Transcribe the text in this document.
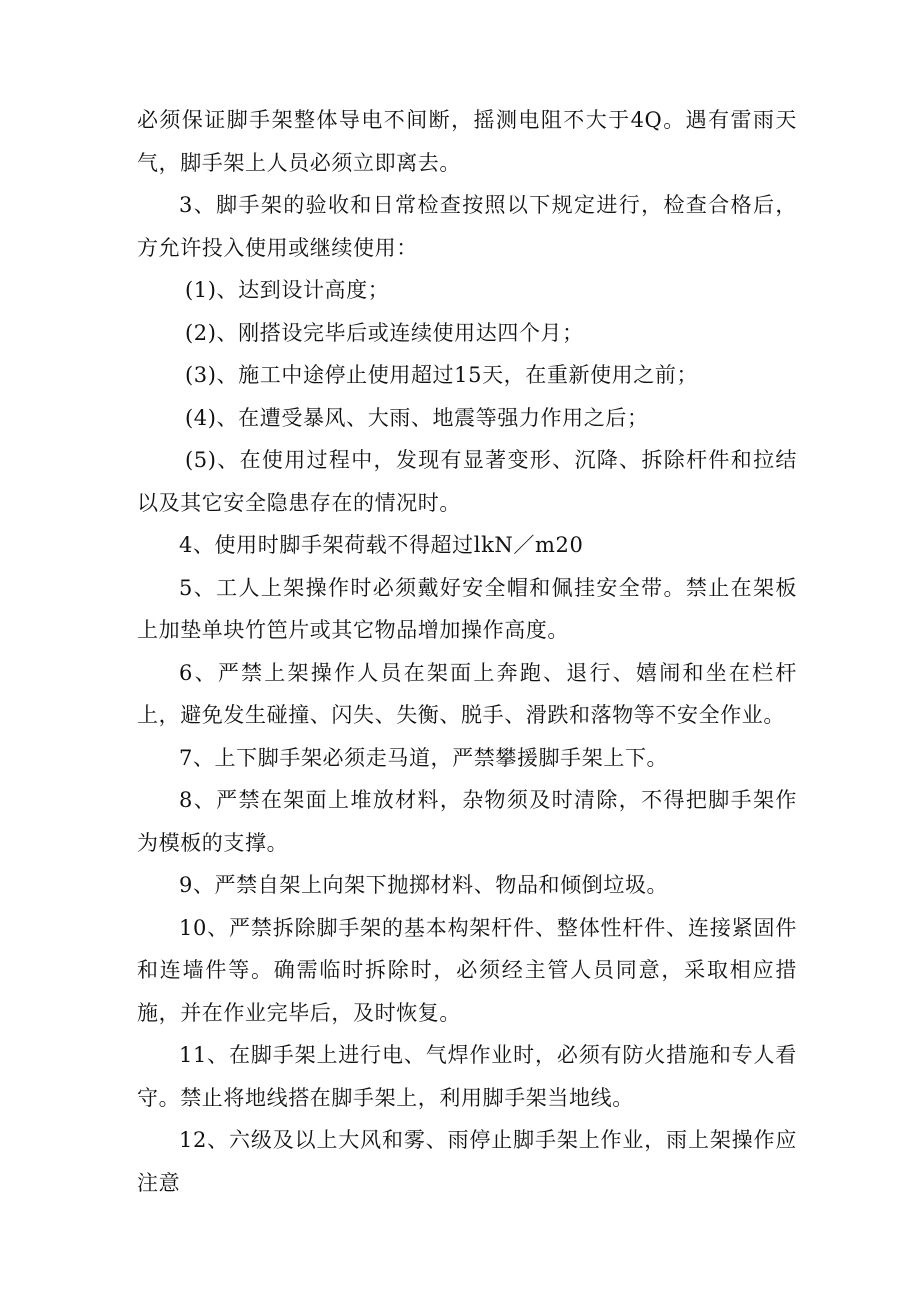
必须保证脚手架整体导电不间断，摇测电阻不大于4Q。遇有雷雨天气，脚手架上人员必须立即离去。

3、脚手架的验收和日常检查按照以下规定进行，检查合格后，方允许投入使用或继续使用：

(1)、达到设计高度；

(2)、刚搭设完毕后或连续使用达四个月；

(3)、施工中途停止使用超过15天，在重新使用之前；

(4)、在遭受暴风、大雨、地震等强力作用之后；

(5)、在使用过程中，发现有显著变形、沉降、拆除杆件和拉结以及其它安全隐患存在的情况时。

4、使用时脚手架荷载不得超过lkN／m20

5、工人上架操作时必须戴好安全帽和佩挂安全带。禁止在架板上加垫单块竹笆片或其它物品增加操作高度。

6、严禁上架操作人员在架面上奔跑、退行、嬉闹和坐在栏杆上，避免发生碰撞、闪失、失衡、脱手、滑跌和落物等不安全作业。

7、上下脚手架必须走马道，严禁攀援脚手架上下。

8、严禁在架面上堆放材料，杂物须及时清除，不得把脚手架作为模板的支撑。

9、严禁自架上向架下抛掷材料、物品和倾倒垃圾。

10、严禁拆除脚手架的基本构架杆件、整体性杆件、连接紧固件和连墙件等。确需临时拆除时，必须经主管人员同意，采取相应措施，并在作业完毕后，及时恢复。

11、在脚手架上进行电、气焊作业时，必须有防火措施和专人看守。禁止将地线搭在脚手架上，利用脚手架当地线。

12、六级及以上大风和雾、雨停止脚手架上作业，雨上架操作应注意
